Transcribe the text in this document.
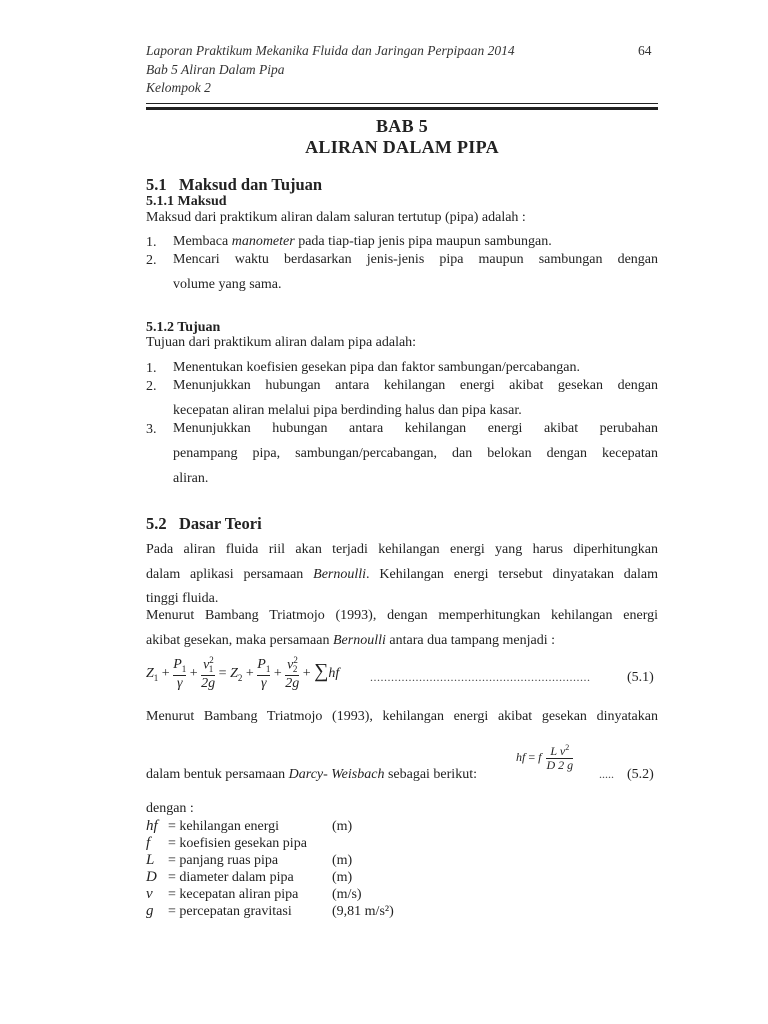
Laporan Praktikum Mekanika Fluida dan Jaringan Perpipaan 2014	64
Bab 5 Aliran Dalam Pipa
Kelompok 2
BAB 5
ALIRAN DALAM PIPA
5.1   Maksud dan Tujuan
5.1.1 Maksud
Maksud dari praktikum aliran dalam saluran tertutup (pipa) adalah :
1. Membaca manometer pada tiap-tiap jenis pipa maupun sambungan.
2. Mencari waktu berdasarkan jenis-jenis pipa maupun sambungan dengan
volume yang sama.
5.1.2 Tujuan
Tujuan dari praktikum aliran dalam pipa adalah:
1. Menentukan koefisien gesekan pipa dan faktor sambungan/percabangan.
2. Menunjukkan hubungan antara kehilangan energi akibat gesekan dengan
kecepatan aliran melalui pipa berdinding halus dan pipa kasar.
3. Menunjukkan hubungan antara kehilangan energi akibat perubahan
penampang pipa, sambungan/percabangan, dan belokan dengan kecepatan
aliran.
5.2   Dasar Teori
Pada aliran fluida riil akan terjadi kehilangan energi yang harus diperhitungkan
dalam aplikasi persamaan Bernoulli. Kehilangan energi tersebut dinyatakan dalam
tinggi fluida.
Menurut Bambang Triatmojo (1993), dengan memperhitungkan kehilangan energi
akibat gesekan, maka persamaan Bernoulli antara dua tampang menjadi :
$Z_1 + \frac{P_1}{\gamma} + \frac{v^2_1}{2g} = Z_2 + \frac{P_1}{\gamma} + \frac{v^2_2}{2g} + \sum hf$	...............................................................	(5.1)
Menurut Bambang Triatmojo (1993), kehilangan energi akibat gesekan dinyatakan
hf = f $\frac{L v^2}{D 2 g}$
dalam bentuk persamaan Darcy- Weisbach sebagai berikut:	..... (5.2)
dengan :
hf	= kehilangan energi	(m)
f	= koefisien gesekan pipa	
L	= panjang ruas pipa	(m)
D	= diameter dalam pipa	(m)
v	= kecepatan aliran pipa	(m/s)
g	= percepatan gravitasi	(9,81 m/s²)
